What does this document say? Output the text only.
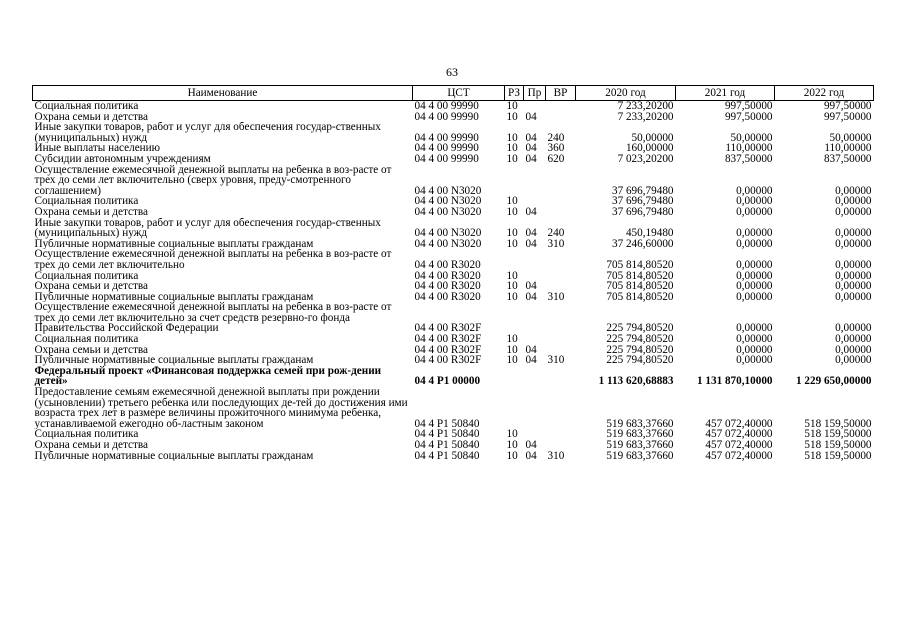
63
Наименование	ЦСТ	РЗ	Пр	ВР	2020 год	2021 год	2022 год
Социальная политика	04 4 00 99990	10			7 233,20200	997,50000	997,50000
Охрана семьи и детства	04 4 00 99990	10	04		7 233,20200	997,50000	997,50000
Иные закупки товаров, работ и услуг для обеспечения государ-ственных (муниципальных) нужд	04 4 00 99990	10	04	240	50,00000	50,00000	50,00000
Иные выплаты населению	04 4 00 99990	10	04	360	160,00000	110,00000	110,00000
Субсидии автономным учреждениям	04 4 00 99990	10	04	620	7 023,20200	837,50000	837,50000
Осуществление ежемесячной денежной выплаты на ребенка в воз-расте от трех до семи лет включительно (сверх уровня, преду-смотренного соглашением)	04 4 00 N3020				37 696,79480	0,00000	0,00000
Социальная политика	04 4 00 N3020	10			37 696,79480	0,00000	0,00000
Охрана семьи и детства	04 4 00 N3020	10	04		37 696,79480	0,00000	0,00000
Иные закупки товаров, работ и услуг для обеспечения государ-ственных (муниципальных) нужд	04 4 00 N3020	10	04	240	450,19480	0,00000	0,00000
Публичные нормативные социальные выплаты гражданам	04 4 00 N3020	10	04	310	37 246,60000	0,00000	0,00000
Осуществление ежемесячной денежной выплаты на ребенка в воз-расте от трех до семи лет включительно	04 4 00 R3020				705 814,80520	0,00000	0,00000
Социальная политика	04 4 00 R3020	10			705 814,80520	0,00000	0,00000
Охрана семьи и детства	04 4 00 R3020	10	04		705 814,80520	0,00000	0,00000
Публичные нормативные социальные выплаты гражданам	04 4 00 R3020	10	04	310	705 814,80520	0,00000	0,00000
Осуществление ежемесячной денежной выплаты на ребенка в воз-расте от трех до семи лет включительно за счет средств резервно-го фонда Правительства Российской Федерации	04 4 00 R302F				225 794,80520	0,00000	0,00000
Социальная политика	04 4 00 R302F	10			225 794,80520	0,00000	0,00000
Охрана семьи и детства	04 4 00 R302F	10	04		225 794,80520	0,00000	0,00000
Публичные нормативные социальные выплаты гражданам	04 4 00 R302F	10	04	310	225 794,80520	0,00000	0,00000
Федеральный проект «Финансовая поддержка семей при рож-дении детей»	04 4 P1 00000				1 113 620,68883	1 131 870,10000	1 229 650,00000
Предоставление семьям ежемесячной денежной выплаты при рождении (усыновлении) третьего ребенка или последующих де-тей до достижения ими возраста трех лет в размере величины прожиточного минимума ребенка, устанавливаемой ежегодно об-ластным законом	04 4 P1 50840				519 683,37660	457 072,40000	518 159,50000
Социальная политика	04 4 P1 50840	10			519 683,37660	457 072,40000	518 159,50000
Охрана семьи и детства	04 4 P1 50840	10	04		519 683,37660	457 072,40000	518 159,50000
Публичные нормативные социальные выплаты гражданам	04 4 P1 50840	10	04	310	519 683,37660	457 072,40000	518 159,50000
